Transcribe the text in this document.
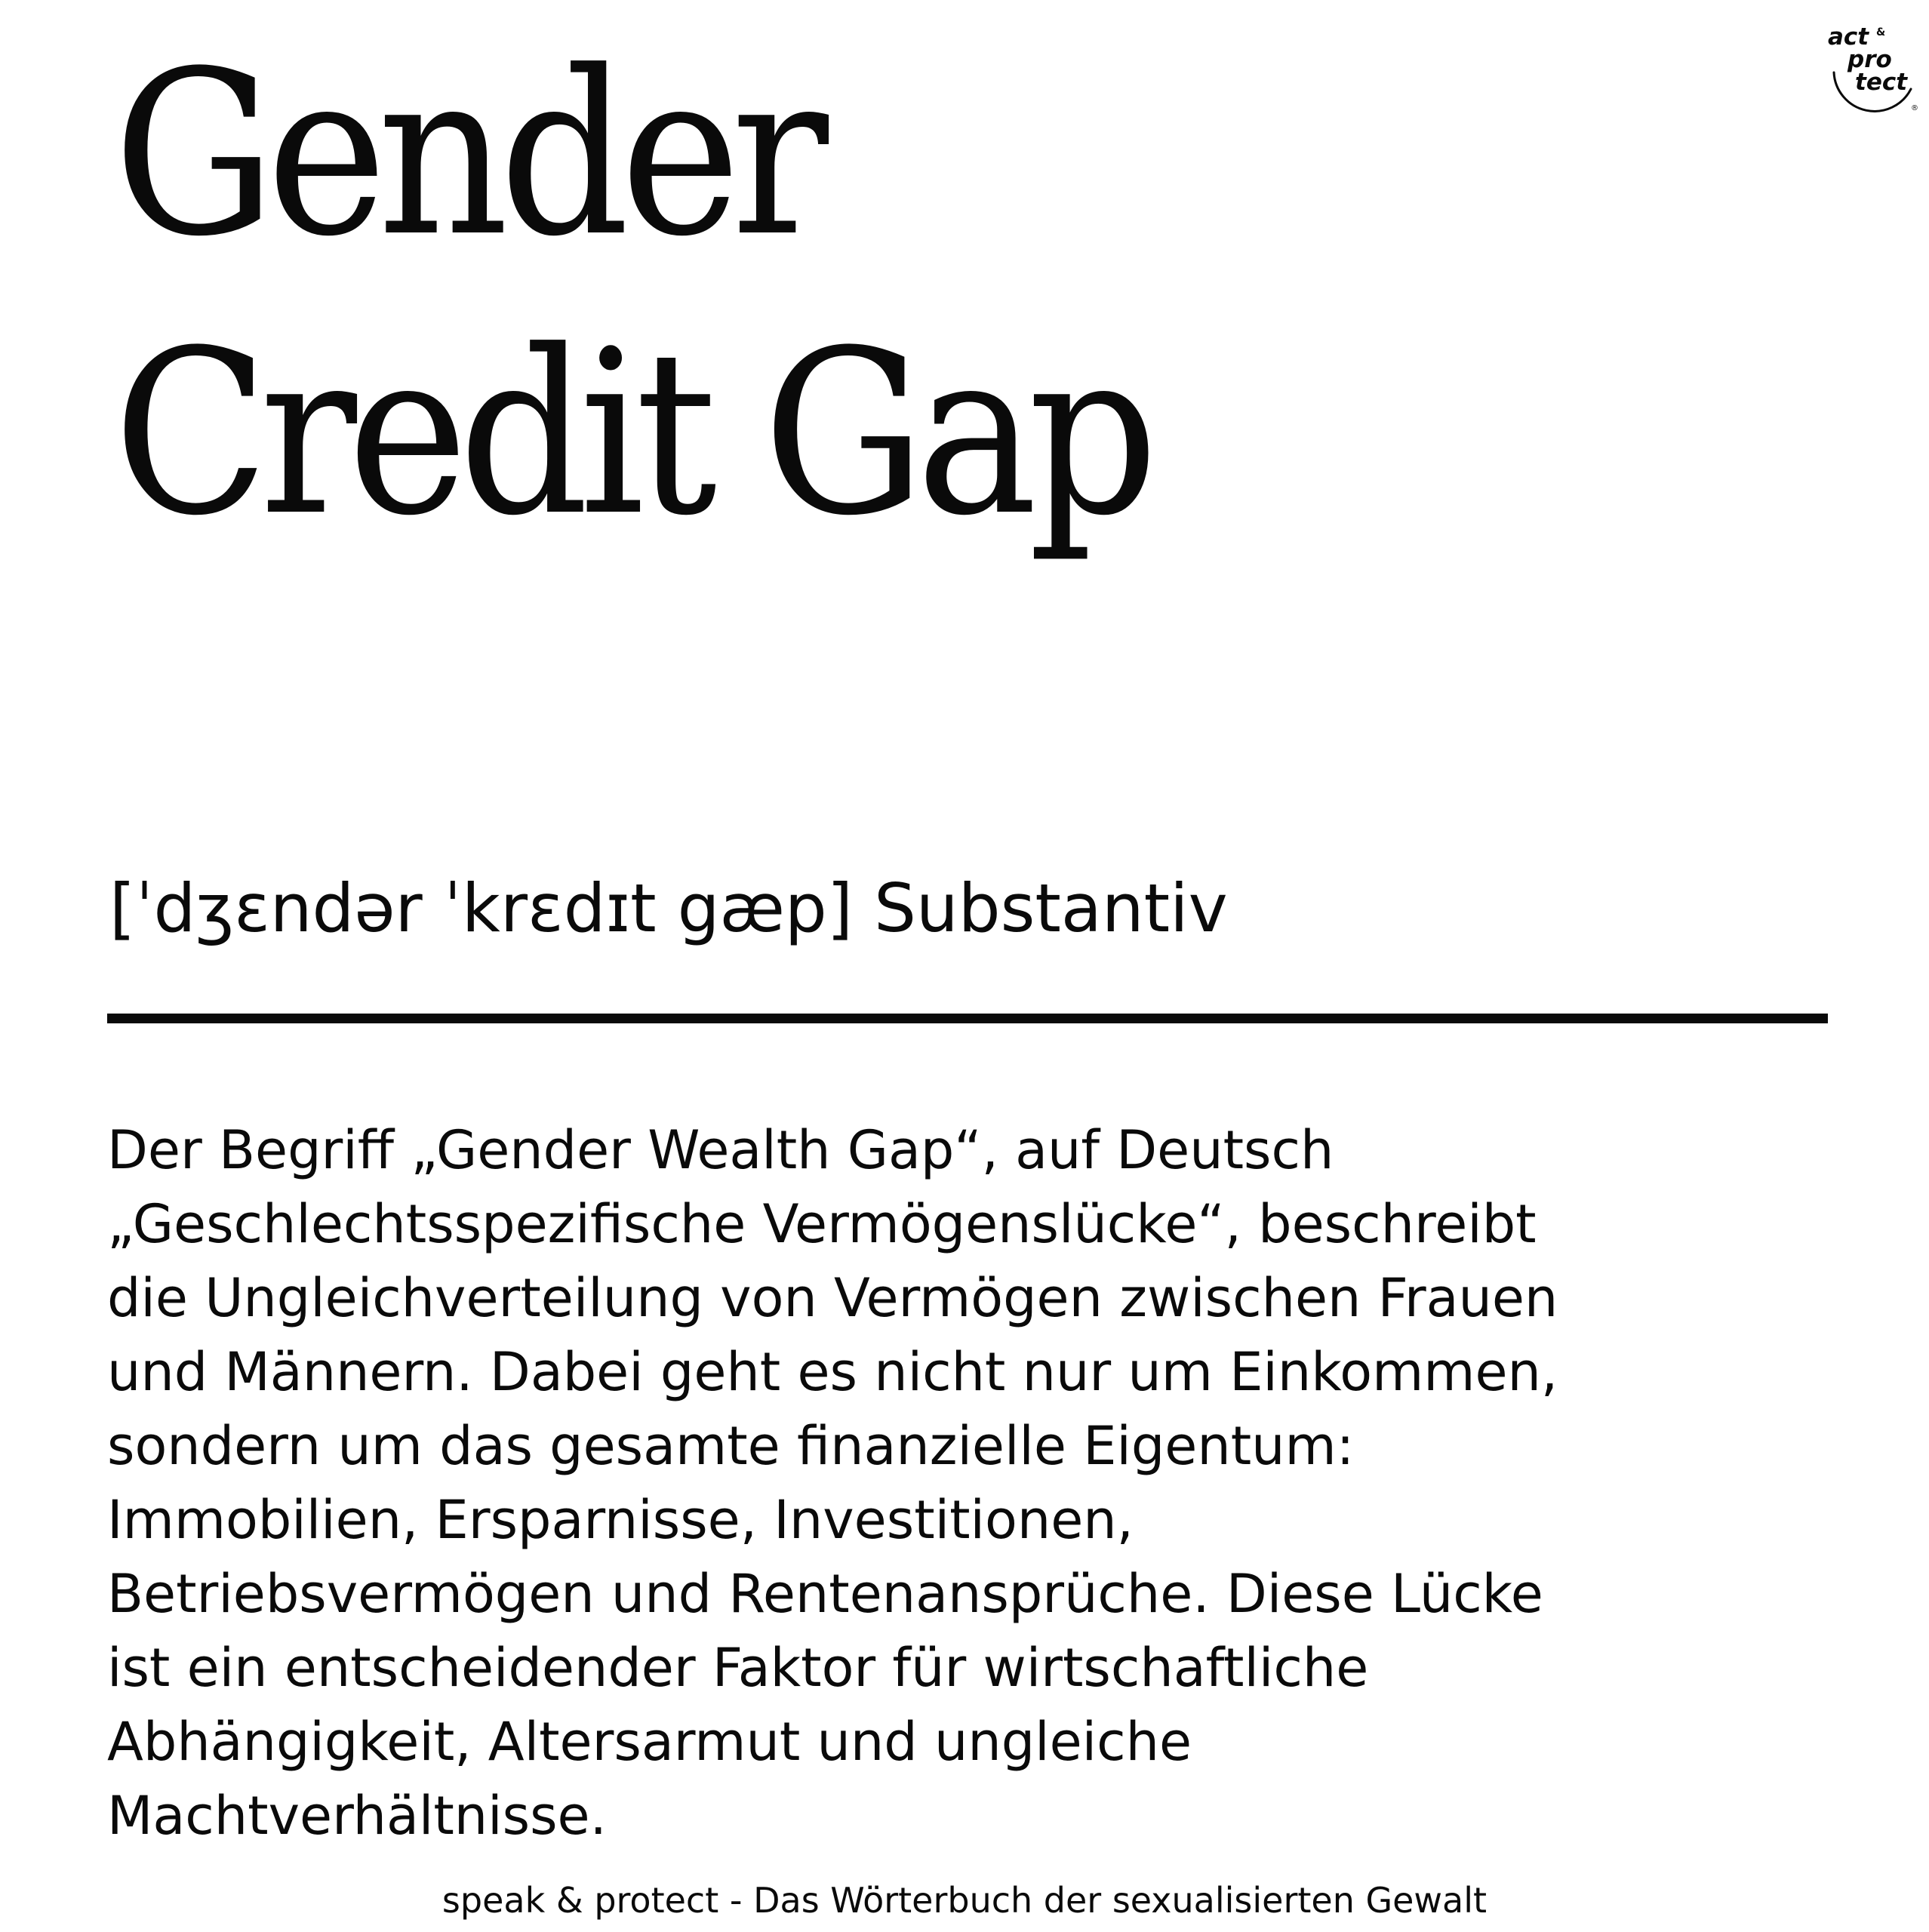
Gender
Credit Gap
act &
pro
tect
®
[ˈdʒɛndər ˈkrɛdɪt gæp] Substantiv

Der Begriff „Gender Wealth Gap“, auf Deutsch
„Geschlechtsspezifische Vermögenslücke“, beschreibt
die Ungleichverteilung von Vermögen zwischen Frauen
und Männern. Dabei geht es nicht nur um Einkommen,
sondern um das gesamte finanzielle Eigentum:
Immobilien, Ersparnisse, Investitionen,
Betriebsvermögen und Rentenansprüche. Diese Lücke
ist ein entscheidender Faktor für wirtschaftliche
Abhängigkeit, Altersarmut und ungleiche
Machtverhältnisse.

speak & protect - Das Wörterbuch der sexualisierten Gewalt
